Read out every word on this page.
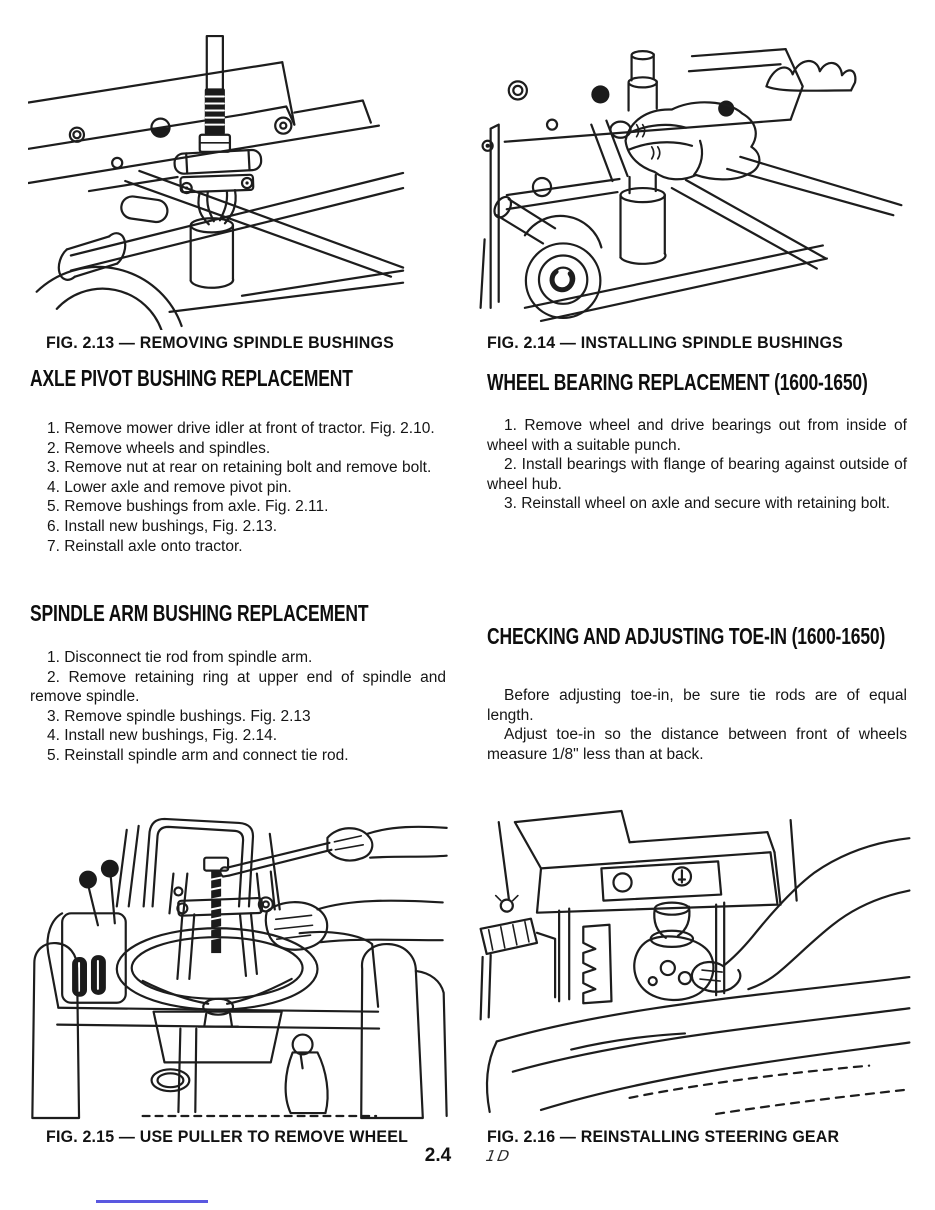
FIG. 2.13 — REMOVING SPINDLE BUSHINGS	FIG. 2.14 — INSTALLING SPINDLE BUSHINGS
AXLE PIVOT BUSHING REPLACEMENT

1. Remove mower drive idler at front of tractor. Fig. 2.10.

2. Remove wheels and spindles.

3. Remove nut at rear on retaining bolt and remove bolt.

4. Lower axle and remove pivot pin.

5. Remove bushings from axle. Fig. 2.11.

6. Install new bushings, Fig. 2.13.

7. Reinstall axle onto tractor.

SPINDLE ARM BUSHING REPLACEMENT

1. Disconnect tie rod from spindle arm.

2. Remove retaining ring at upper end of spindle and remove spindle.

3. Remove spindle bushings. Fig. 2.13

4. Install new bushings, Fig. 2.14.

5. Reinstall spindle arm and connect tie rod.

WHEEL BEARING REPLACEMENT (1600-1650)

1. Remove wheel and drive bearings out from inside of wheel with a suitable punch.

2. Install bearings with flange of bearing against outside of wheel hub.

3. Reinstall wheel on axle and secure with retaining bolt.

CHECKING AND ADJUSTING TOE-IN (1600-1650)

Before adjusting toe-in, be sure tie rods are of equal length.

Adjust toe-in so the distance between front of wheels measure 1/8" less than at back.

FIG. 2.15 — USE PULLER TO REMOVE WHEEL	FIG. 2.16 — REINSTALLING STEERING GEAR
2.4	1D
